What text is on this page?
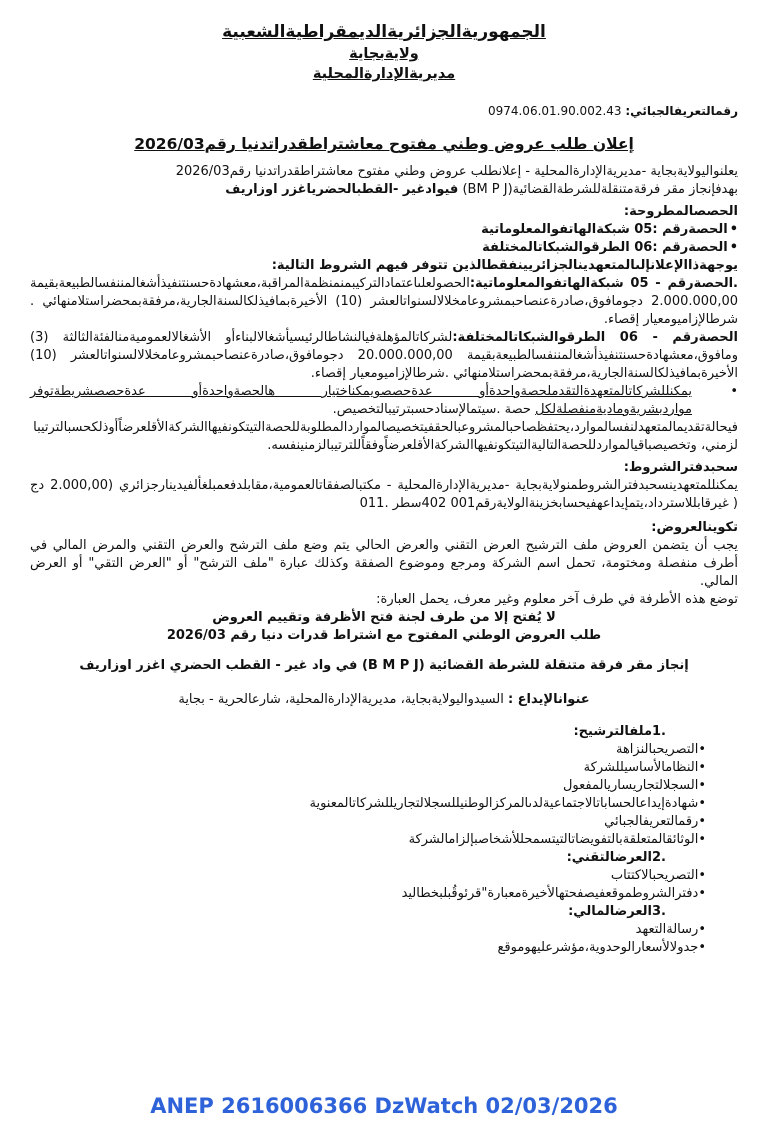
الجمهوريةالجزائريةالديمقراطيةالشعبية
ولايةبجاية
مديريةالإدارةالمحلية

رقمالتعريفالجبائي: 0974.06.01.90.002.43

إعلان طلب عروض وطني مفتوح معاشتراطقدراتدنيا رقم2026/03

يعلنواليولايةبجاية -مديريةالإدارةالمحلية - إعلانطلب عروض وطني مفتوح معاشتراطقدراتدنيا رقم2026/03

بهدفإنجاز مقر فرقةمتنقلةللشرطةالقضائية(BM P J) فيوادغير -القطبالحضرياغزر اوزاريف

الحصصالمطروحة:

•الحصةرقم :05 شبكةالهاتفوالمعلوماتية

•الحصةرقم :06 الطرقوالشبكاتالمختلفة

يوجهةذاالإعلانإلىالمتعهدينالجزائريينفقطالذين تتوفر فيهم الشروط التالية:

.الحصةرقم - 05 شبكةالهاتفوالمعلوماتية:الحصولعلىاعتمادالتركيبمنمنظمةالمراقبة،معشهادةحسنتنفيذأشغالمننفسالطبيعةبقيمة 2.000.000,00 دجومافوق،صادرةعنصاحبمشروعامخلالالسنواتالعشر (10) الأخيرةبمافيذلكالسنةالجارية،مرفقةبمحضراستلامنهائي . شرطالإزاميومعيار إقصاء.

الحصةرقم - 06 الطرقوالشبكاتالمختلفة:لشركاتالمؤهلةفيالنشاطالرئيسيأشغالالبناءأو الأشغالالعموميةمنالفئةالثالثة (3) ومافوق،معشهادةحسنتنفيذأشغالمننفسالطبيعةبقيمة 20.000.000,00 دجومافوق،صادرةعنصاحبمشروعامخلالالسنواتالعشر (10) الأخيرةبمافيذلكالسنةالجارية،مرفقةبمحضراستلامنهائي .شرطالإزاميومعيار إقصاء.

•

يمكنللشركاتالمتعهدةالتقدملحصةواحدةأو عدةحصصويمكناختيار هالحصةواحدةأو عدةحصصشريطةتوفر مواردبشريةوماديةمنفصلةلكل حصة .سيتمالإسنادحسبترتيبالتخصيص.

فيحالةتقديمالمتعهدلنفسالموارد،يحتفظصاحبالمشروعبالحقفيتخصيصالمواردالمطلوبةللحصةالتيتكونفيهاالشركةالأقلعرضاًأوذلكحسبالترتيبالزمني، وتخصيصباقيالمواردللحصةالتاليةالتيتكونفيهاالشركةالأقلعرضاًوفقاًللترتيبالزمنينفسه.

سحبدفترالشروط:

يمكنللمتعهدينسحبدفترالشروطمنولايةبجاية -مديريةالإدارةالمحلية - مكتبالصفقاتالعمومية،مقابلدفعمبلغألفيدينارجزائري (2.000,00 دج ( غيرقابللاسترداد،يتمإيداعهفيحسابخزينةالولايةرقم001 402سطر .011

تكوينالعروض:

يجب أن يتضمن العروض ملف الترشيح العرض التقني والعرض الحالي يتم وضع ملف الترشح والعرض التقني والمرض المالي في أطرف منفصلة ومختومة، تحمل اسم الشركة ومرجع وموضوع الصفقة وكذلك عبارة "ملف الترشح" أو "العرض التقي" أو العرض المالي.

توضع هذه الأطرفة في طرف آخر معلوم وغير معرف، يحمل العبارة:

لا يُفتح إلا من طرف لجنة فتح الأظرفة وتقييم العروض

طلب العروض الوطني المفتوح مع اشتراط قدرات دنيا رقم 2026/03

إنجاز مقر فرقة متنقلة للشرطة القضائية (B M P J) في واد غير - القطب الحضري اغزر اوزاريف

عنوانالإيداع : السيدواليولايةبجاية، مديريةالإدارةالمحلية، شارعالحرية - بجاية

.1ملفالترشيح:

•التصريحبالنزاهة

•النظامالأساسيللشركة

•السجلالتجاريساريالمفعول

•شهادةإيداعالحساباتالاجتماعيةلدىالمركزالوطنيللسجلالتجاريللشركاتالمعنوية

•رقمالتعريفالجبائي

•الوثائقالمتعلقةبالتفويضاتالتيتسمحللأشخاصبإلزامالشركة

.2العرضالتقني:

•التصريحبالاكتتاب

•دفترالشروطموقعفيصفحتهالأخيرةمعبارة"قرئوقُبلبخطاليد

.3العرضالمالي:

•رسالةالتعهد

•جدولالأسعارالوحدوية،مؤشرعليهوموقع

ANEP 2616006366 DzWatch 02/03/2026
